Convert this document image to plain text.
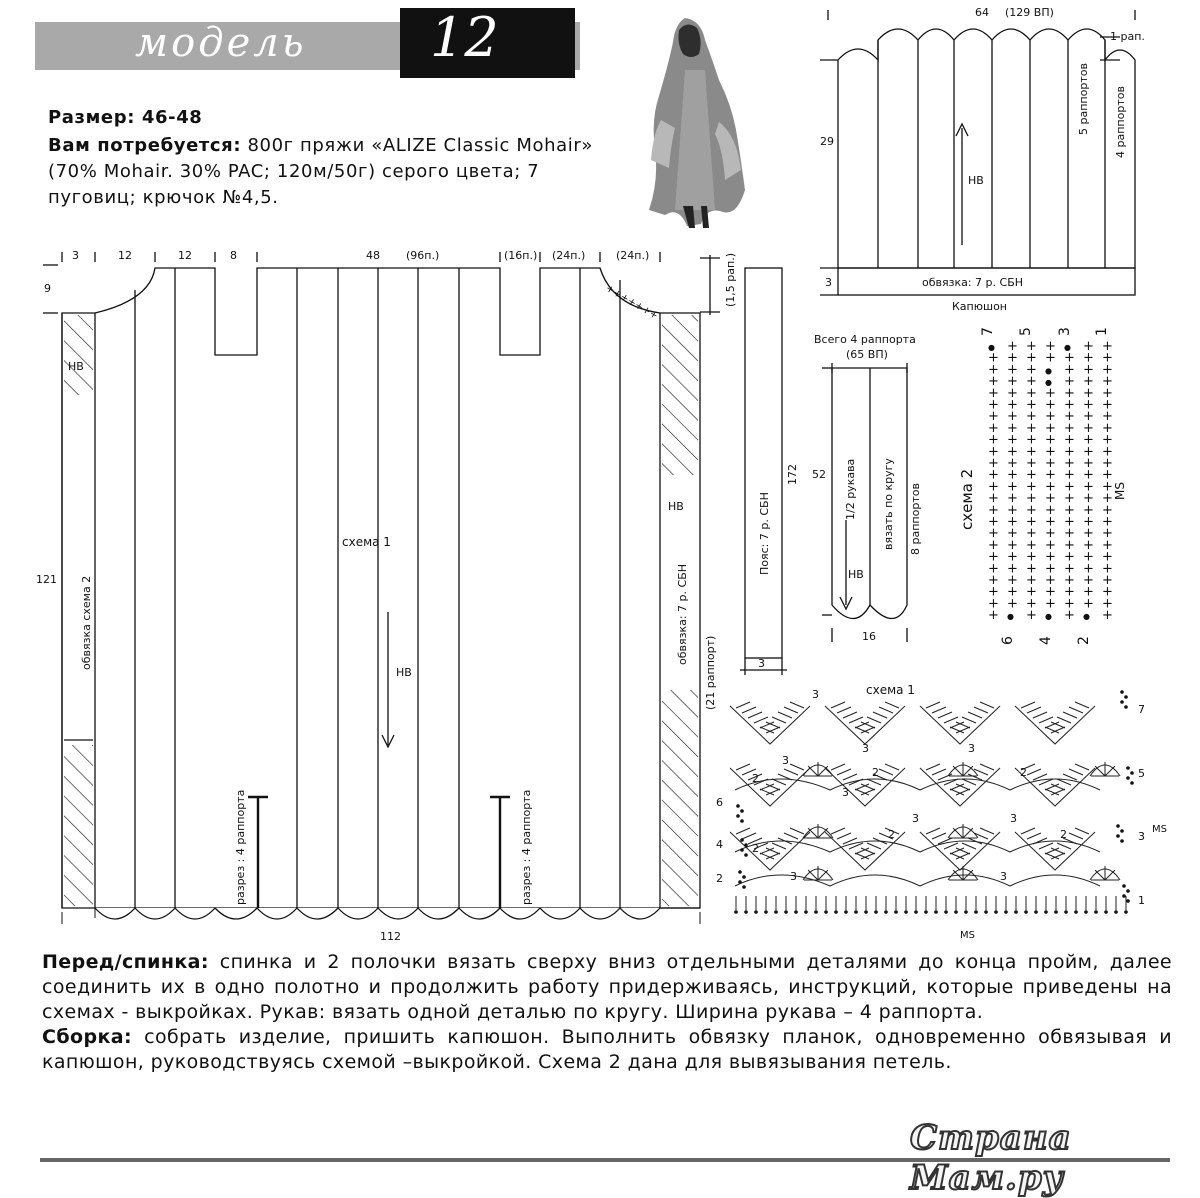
модель 12
Размер: 46-48
Вам потребуется: 800г пряжи «ALIZE Classic Mohair» (70% Mohair. 30% PAC; 120м/50г) серого цвета; 7 пуговиц; крючок №4,5.
+++++++
3	12	12	8	48 (96п.)	(16п.) (24п.)	(24п.)
9
121
112
НВ
НВ
НВ
схема 1
обвязка схема 2	обвязка: 7 р. СБН
(21 раппорт)
разрез : 4 раппорта	разрез : 4 раппорта
(1,5 рап.)
Пояс: 7 р. СБН
172
3
64 (129 ВП)
-1 рап.
29
5 раппортов 4 раппортов
НВ
обвязка: 7 р. СБН
3
Капюшон
Всего 4 раппорта
(65 ВП)
52 1/2 рукава вязать по кругу 8 раппортов
НВ
16
● + + + ● + +
+ + + + + + +
+ + + ● + + +
+ + + ● + + +
+ + + + + + +
+ + + + + + +
+ + + + + + +
+ + + + + + +
+ + + + + + +
+ + + + + + +
+ + + + + + +
+ + + + + + +
+ + + + + + +
+ + + + + + +
+ + + + + + +
+ + + + + + +
+ + + + + + +
+ + + + + + +
+ + + + + + +
+ + + + + + +
+ + + + + + +
+ + + + + + +
+ + + + + + +
+ ● + ● + ● +
схема 2	MS
7 5 3 1
6 4 2
схема 1
7
6
5
4
3
2
1
MS
MS
3
2
3
3
2
3
2
3
2
2
3	3
2
3	3

Перед/спинка: спинка и 2 полочки вязать сверху вниз отдельными деталями до конца пройм, далее соединить их в одно полотно и продолжить работу придерживаясь, инструкций, которые приведены на схемах - выкройках. Рукав: вязать одной деталью по кругу. Ширина рукава – 4 раппорта.

Сборка: собрать изделие, пришить капюшон. Выполнить обвязку планок, одновременно обвязывая и капюшон, руководствуясь схемой –выкройкой. Схема 2 дана для вывязывания петель.

Страна Мам.ру
